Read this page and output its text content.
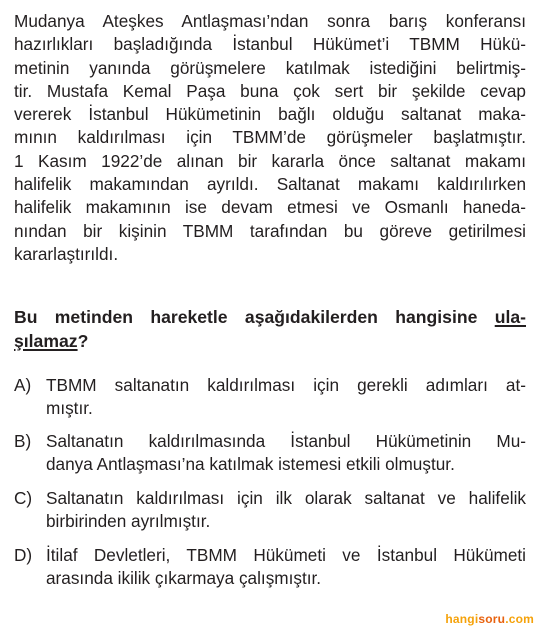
Mudanya Ateşkes Antlaşması’ndan sonra barış konferansı
hazırlıkları başladığında İstanbul Hükümet’i TBMM Hükü-
metinin yanında görüşmelere katılmak istediğini belirtmiş-
tir. Mustafa Kemal Paşa buna çok sert bir şekilde cevap
vererek İstanbul Hükümetinin bağlı olduğu saltanat maka-
mının kaldırılması için TBMM’de görüşmeler başlatmıştır.
1 Kasım 1922’de alınan bir kararla önce saltanat makamı
halifelik makamından ayrıldı. Saltanat makamı kaldırılırken
halifelik makamının ise devam etmesi ve Osmanlı haneda-
nından bir kişinin TBMM tarafından bu göreve getirilmesi
kararlaştırıldı.
Bu metinden hareketle aşağıdakilerden hangisine ula-
şılamaz?
A) TBMM saltanatın kaldırılması için gerekli adımları at-
mıştır.
B) Saltanatın kaldırılmasında İstanbul Hükümetinin Mu-
danya Antlaşması’na katılmak istemesi etkili olmuştur.
C) Saltanatın kaldırılması için ilk olarak saltanat ve halifelik
birbirinden ayrılmıştır.
D) İtilaf Devletleri, TBMM Hükümeti ve İstanbul Hükümeti
arasında ikilik çıkarmaya çalışmıştır.
hangisoru.com
